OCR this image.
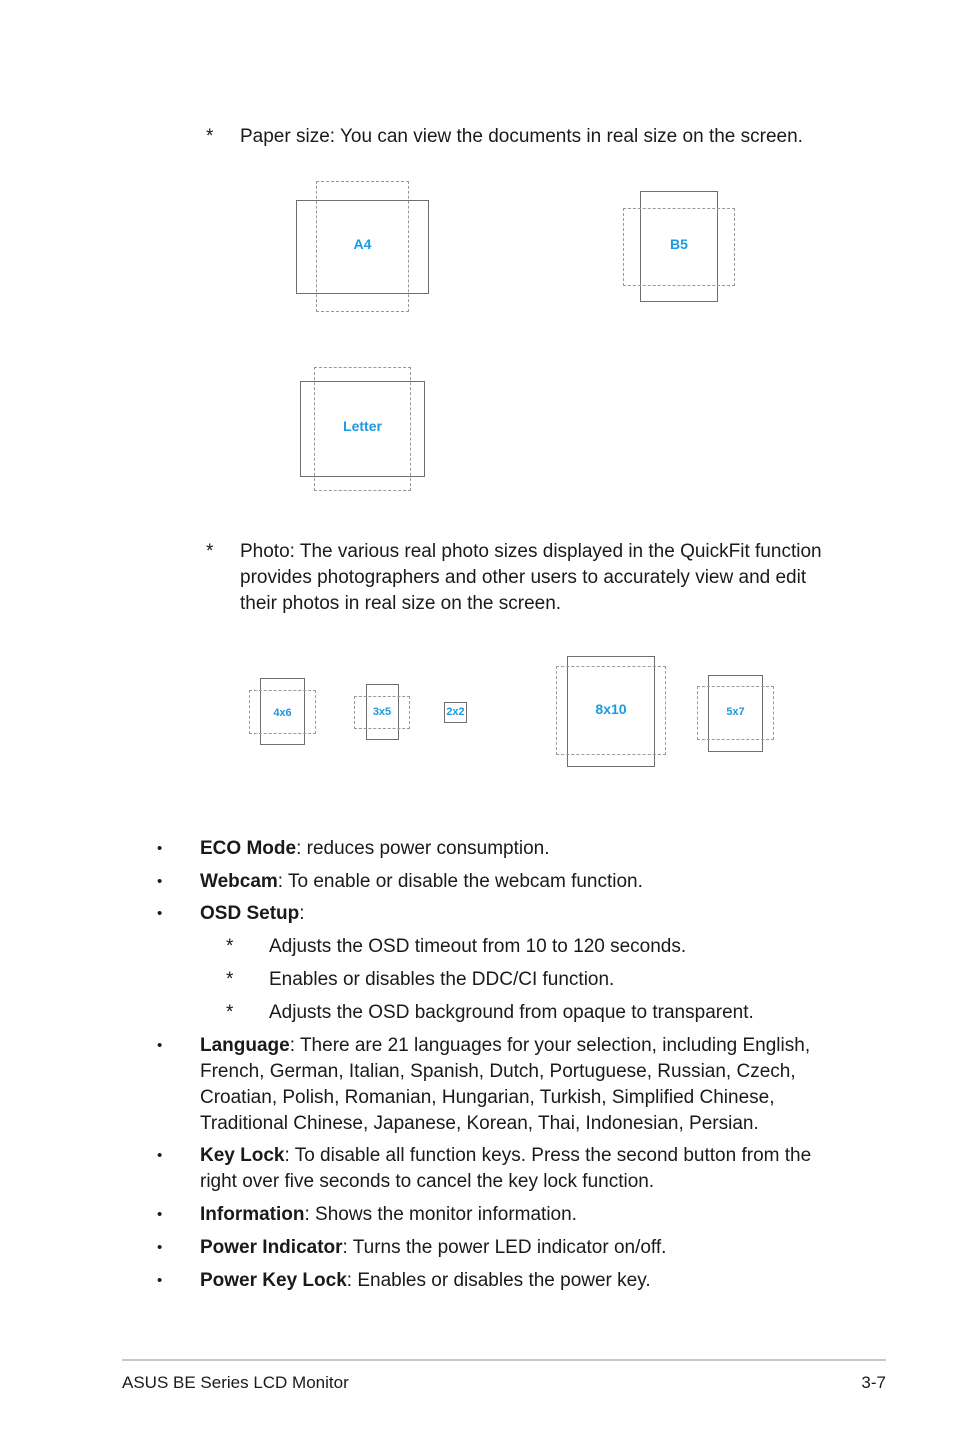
* Paper size: You can view the documents in real size on the screen.
A4	B5
Letter
* Photo: The various real photo sizes displayed in the QuickFit function
provides photographers and other users to accurately view and edit
their photos in real size on the screen.
4x6	3x5	2x2	8x10	5x7
• ECO Mode: reduces power consumption.
• Webcam: To enable or disable the webcam function.
• OSD Setup:
* Adjusts the OSD timeout from 10 to 120 seconds.
* Enables or disables the DDC/CI function.
* Adjusts the OSD background from opaque to transparent.
• Language: There are 21 languages for your selection, including English,
French, German, Italian, Spanish, Dutch, Portuguese, Russian, Czech,
Croatian, Polish, Romanian, Hungarian, Turkish, Simplified Chinese,
Traditional Chinese, Japanese, Korean, Thai, Indonesian, Persian.
• Key Lock: To disable all function keys. Press the second button from the
right over five seconds to cancel the key lock function.
• Information: Shows the monitor information.
• Power Indicator: Turns the power LED indicator on/off.
• Power Key Lock: Enables or disables the power key.
ASUS BE Series LCD Monitor	3-7
